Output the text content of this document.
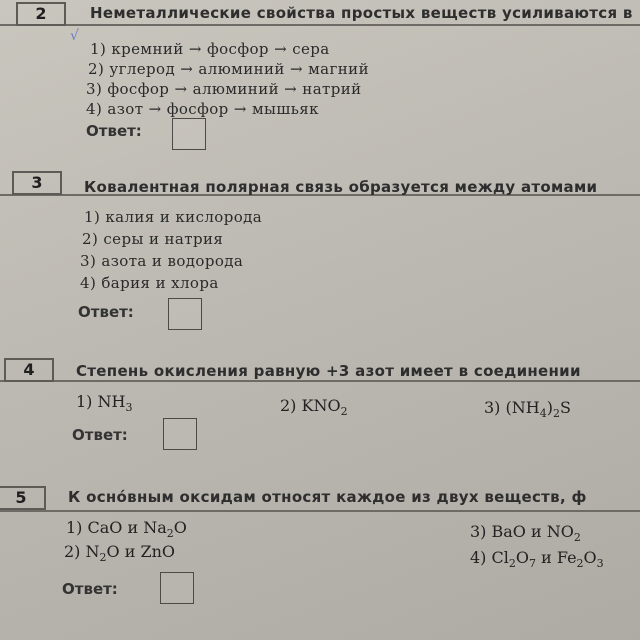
2	Неметаллические свойства простых веществ усиливаются в
√
1) кремний → фосфор → сера
2) углерод → алюминий → магний
3) фосфор → алюминий → натрий
4) азот → фосфор → мышьяк
Ответ:
3	Ковалентная полярная связь образуется между атомами
1) калия и кислорода
2) серы и натрия
3) азота и водорода
4) бария и хлора
Ответ:
4	Степень окисления равную +3 азот имеет в соединении
1) $NH_3$	2) $KNO_2$	3) $(NH_4)_2S$
Ответ:
5	К осно́вным оксидам относят каждое из двух веществ, ф
1) CaO и $Na_2O$
2) $N_2O$ и ZnO
3) BaO и $NO_2$
4) $Cl_2O_7$ и $Fe_2O_3$
Ответ:
